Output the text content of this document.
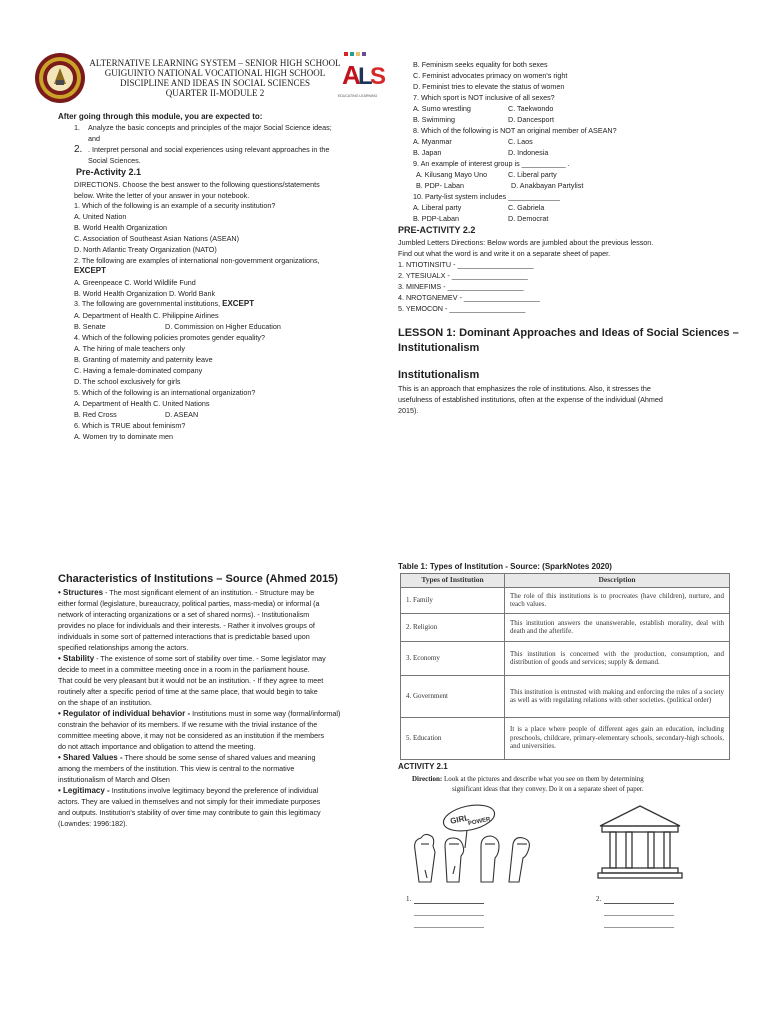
A
L
S
EDUCATING LEARNING
ALTERNATIVE LEARNING SYSTEM – SENIOR HIGH SCHOOL
GUIGUINTO NATIONAL VOCATIONAL HIGH SCHOOL
DISCIPLINE AND IDEAS IN SOCIAL SCIENCES
QUARTER II-MODULE 2
After going through this module, you are expected to:
1. Analyze the basic concepts and principles of the major Social Science ideas;
and
2. . Interpret personal and social experiences using relevant approaches in the
Social Sciences.
Pre-Activity 2.1
DIRECTIONS. Choose the best answer to the following questions/statements
below. Write the letter of your answer in your notebook.
1. Which of the following is an example of a security institution?
A. United Nation
B. World Health Organization
C. Association of Southeast Asian Nations (ASEAN)
D. North Atlantic Treaty Organization (NATO)
2. The following are examples of international non-government organizations,
EXCEPT
A. Greenpeace C. World Wildlife Fund
B. World Health Organization D. World Bank
3. The following are governmental institutions, EXCEPT
A. Department of Health C. Philippine Airlines
B. Senate	D. Commission on Higher Education
4. Which of the following policies promotes gender equality?
A. The hiring of male teachers only
B. Granting of maternity and paternity leave
C. Having a female-dominated company
D. The school exclusively for girls
5. Which of the following is an international organization?
A. Department of Health C. United Nations
B. Red Cross	D. ASEAN
6. Which is TRUE about feminism?
A. Women try to dominate men
B. Feminism seeks equality for both sexes
C. Feminist advocates primacy on women's right
D. Feminist tries to elevate the status of women
7. Which sport is NOT inclusive of all sexes?
A. Sumo wrestling	C. Taekwondo
B. Swimming	D. Dancesport
8. Which of the following is NOT an original member of ASEAN?
A. Myanmar	C. Laos
B. Japan	D. Indonesia
9. An example of interest group is ___________ .
A. Kilusang Mayo Uno	C. Liberal party
B. PDP- Laban	D. Anakbayan Partylist
10. Party-list system includes _____________
A. Liberal party	C. Gabriela
B. PDP-Laban	D. Democrat
PRE-ACTIVITY 2.2
Jumbled Letters Directions: Below words are jumbled about the previous lesson.
Find out what the word is and write it on a separate sheet of paper.
1. NTIOTINSITU - ___________________
2. YTESIUALX - ___________________
3. MINEFIMS - ___________________
4. NROTGNEMEV - ___________________
5. YEMOCON - ___________________
LESSON 1: Dominant Approaches and Ideas of Social Sciences –
Institutionalism
Institutionalism
This is an approach that emphasizes the role of institutions. Also, it stresses the
usefulness of established institutions, often at the expense of the individual (Ahmed
2015).
Characteristics of Institutions – Source (Ahmed 2015)
• Structures - The most significant element of an institution. - Structure may be
either formal (legislature, bureaucracy, political parties, mass-media) or informal (a
network of interacting organizations or a set of shared norms). - Institutionalism
provides no place for individuals and their interests. - Rather it involves groups of
individuals in some sort of patterned interactions that is predictable based upon
specified relationships among the actors.
• Stability - The existence of some sort of stability over time. - Some legislator may
decide to meet in a committee meeting once in a room in the parliament house.
That could be very pleasant but it would not be an institution. - If they agree to meet
routinely after a specific period of time at the same place, that would begin to take
on the shape of an institution.
• Regulator of individual behavior - Institutions must in some way (formal/informal)
constrain the behavior of its members. If we resume with the trivial instance of the
committee meeting above, it may not be considered as an institution if the members
do not attach importance and obligation to attend the meeting.
• Shared Values - There should be some sense of shared values and meaning
among the members of the institution. This view is central to the normative
institutionalism of March and Olsen
• Legitimacy - Institutions involve legitimacy beyond the preference of individual
actors. They are valued in themselves and not simply for their immediate purposes
and outputs. Institution's stability of over time may contribute to gain this legitimacy
(Lowndes: 1996:182).
Table 1: Types of Institution - Source: (SparkNotes 2020)
Types of Institution	Description
1. Family	The role of this institutions is to procreates (have children), nurture, and teach values.
2. Religion	This institution answers the unanswerable, establish morality, deal with death and the afterlife.
3. Economy	This institution is concerned with the production, consumption, and distribution of goods and services; supply & demand.
4. Government	This institution is entrusted with making and enforcing the rules of a society as well as with regulating relations with other societies. (political order)
5. Education	It is a place where people of different ages gain an education, including preschools, childcare, primary-elementary schools, secondary-high schools, and universities.
ACTIVITY 2.1
Direction: Look at the pictures and describe what you see on them by determining
significant ideas that they convey. Do it on a separate sheet of paper.
GIRL
POWER
1.	2.
